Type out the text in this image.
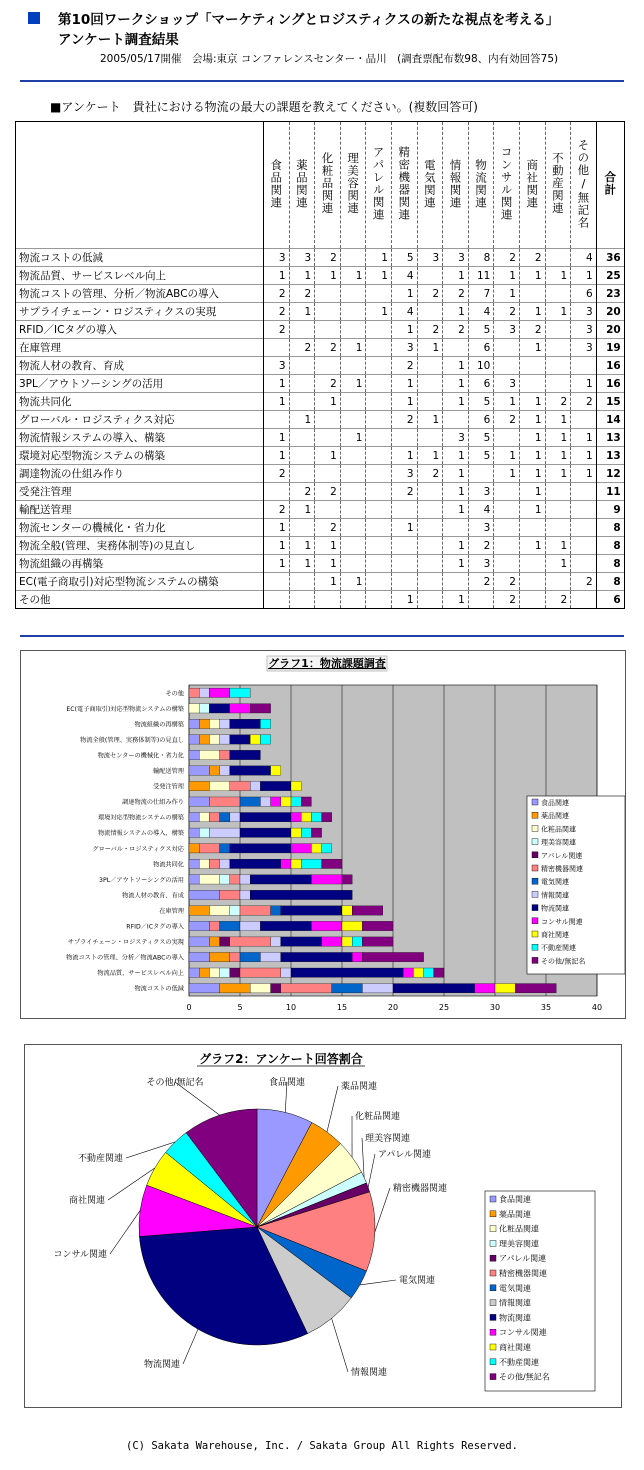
第10回ワークショップ「マーケティングとロジスティクスの新たな視点を考える」
アンケート調査結果
2005/05/17開催　会場:東京 コンファレンスセンター・品川　(調査票配布数98、内有効回答75)
■アンケート　貴社における物流の最大の課題を教えてください。(複数回答可)
	食品関連	薬品関連	化粧品関連	理美容関連	アパレル関連	精密機器関連	電気関連	情報関連	物流関連	コンサル関連	商社関連	不動産関連	その他/無記名	合計
物流コストの低減	3	3	2		1	5	3	3	8	2	2		4	36
物流品質、サービスレベル向上	1	1	1	1	1	4		1	11	1	1	1	1	25
物流コストの管理、分析／物流ABCの導入	2	2				1	2	2	7	1			6	23
サプライチェーン・ロジスティクスの実現	2	1			1	4		1	4	2	1	1	3	20
RFID／ICタグの導入	2					1	2	2	5	3	2		3	20
在庫管理		2	2	1		3	1		6		1		3	19
物流人材の教育、育成	3					2		1	10					16
3PL／アウトソーシングの活用	1		2	1		1		1	6	3			1	16
物流共同化	1		1			1		1	5	1	1	2	2	15
グローバル・ロジスティクス対応		1				2	1		6	2	1	1		14
物流情報システムの導入、構築	1			1				3	5		1	1	1	13
環境対応型物流システムの構築	1		1			1	1	1	5	1	1	1	1	13
調達物流の仕組み作り	2					3	2	1		1	1	1	1	12
受発注管理		2	2			2		1	3		1			11
輸配送管理	2	1						1	4		1			9
物流センターの機械化・省力化	1		2			1			3					8
物流全般(管理、実務体制等)の見直し	1	1	1					1	2		1	1		8
物流組織の再構築	1	1	1					1	3			1		8
EC(電子商取引)対応型物流システムの構築			1	1					2	2			2	8
その他						1		1		2		2		6
0	5	10	15	20	25	30	35	40
グラフ1：物流課題調査
その他
EC(電子商取引)対応型物流システムの構築
物流組織の再構築
物流全般(管理、実務体制等)の見直し
物流センターの機械化・省力化
輸配送管理
受発注管理
調達物流の仕組み作り
環境対応型物流システムの構築
物流情報システムの導入、構築
グローバル・ロジスティクス対応
物流共同化
3PL／アウトソーシングの活用
物流人材の教育、育成
在庫管理
RFID／ICタグの導入
サプライチェーン・ロジスティクスの実現
物流コストの管理、分析／物流ABCの導入
物流品質、サービスレベル向上
物流コストの低減
食品関連
薬品関連
化粧品関連
理美容関連
アパレル関連
精密機器関連
電気関連
情報関連
物流関連
コンサル関連
商社関連
不動産関連
その他/無記名
グラフ2：アンケート回答割合
食品関連	薬品関連
化粧品関連
理美容関連
アパレル関連
精密機器関連
電気関連
情報関連
物流関連
コンサル関連
商社関連
不動産関連
その他/無記名
食品関連
薬品関連
化粧品関連
理美容関連
アパレル関連
精密機器関連
電気関連
情報関連
物流関連
コンサル関連
商社関連
不動産関連
その他/無記名
(C) Sakata Warehouse, Inc. / Sakata Group All Rights Reserved.
